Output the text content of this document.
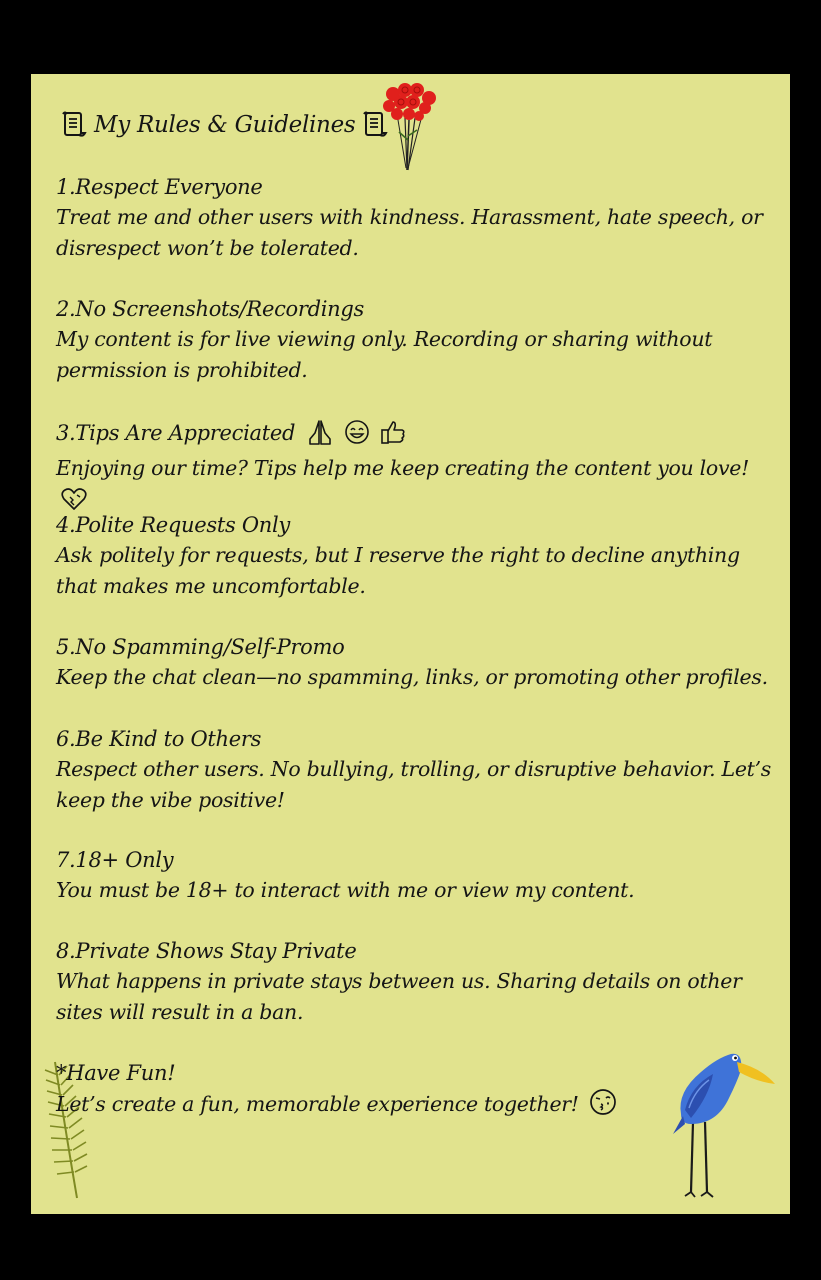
My Rules & Guidelines
1.Respect Everyone
Treat me and other users with kindness. Harassment, hate speech, or disrespect won’t be tolerated.
2.No Screenshots/Recordings
My content is for live viewing only. Recording or sharing without permission is prohibited.
3.Tips Are Appreciated
Enjoying our time? Tips help me keep creating the content you love!
4.Polite Requests Only
Ask politely for requests, but I reserve the right to decline anything that makes me uncomfortable.
5.No Spamming/Self-Promo
Keep the chat clean—no spamming, links, or promoting other profiles.
6.Be Kind to Others
Respect other users. No bullying, trolling, or disruptive behavior. Let’s keep the vibe positive!
7.18+ Only
You must be 18+ to interact with me or view my content.
8.Private Shows Stay Private
What happens in private stays between us. Sharing details on other sites will result in a ban.
*Have Fun!
Let’s create a fun, memorable experience together!
